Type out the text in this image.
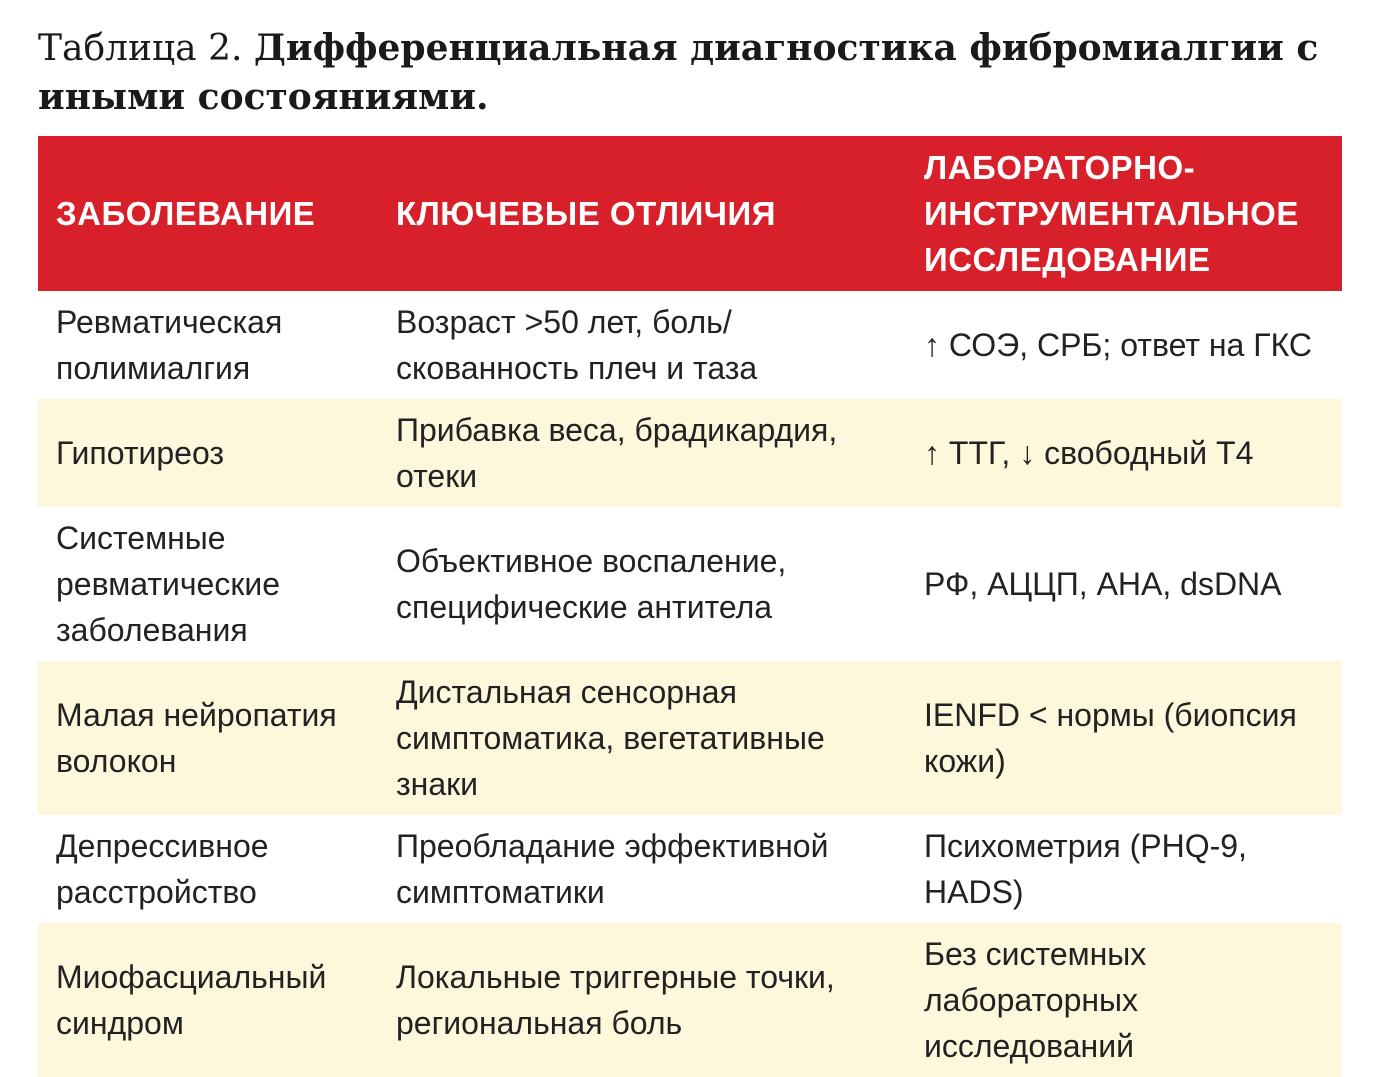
Таблица 2. Дифференциальная диагностика фибромиалгии с иными состояниями.
ЗАБОЛЕВАНИЕ	КЛЮЧЕВЫЕ ОТЛИЧИЯ	ЛАБОРАТОРНО-ИНСТРУМЕНТАЛЬНОЕ ИССЛЕДОВАНИЕ
Ревматическая полимиалгия	Возраст >50 лет, боль/скованность плеч и таза	↑ СОЭ, СРБ; ответ на ГКС
Гипотиреоз	Прибавка веса, брадикардия, отеки	↑ ТТГ, ↓ свободный Т4
Системные ревматические заболевания	Объективное воспаление, специфические антитела	РФ, АЦЦП, АНА, dsDNA
Малая нейропатия волокон	Дистальная сенсорная симптоматика, вегетативные знаки	IENFD < нормы (биопсия кожи)
Депрессивное расстройство	Преобладание эффективной симптоматики	Психометрия (PHQ-9, HADS)
Миофасциальный синдром	Локальные триггерные точки, региональная боль	Без системных лабораторных исследований
